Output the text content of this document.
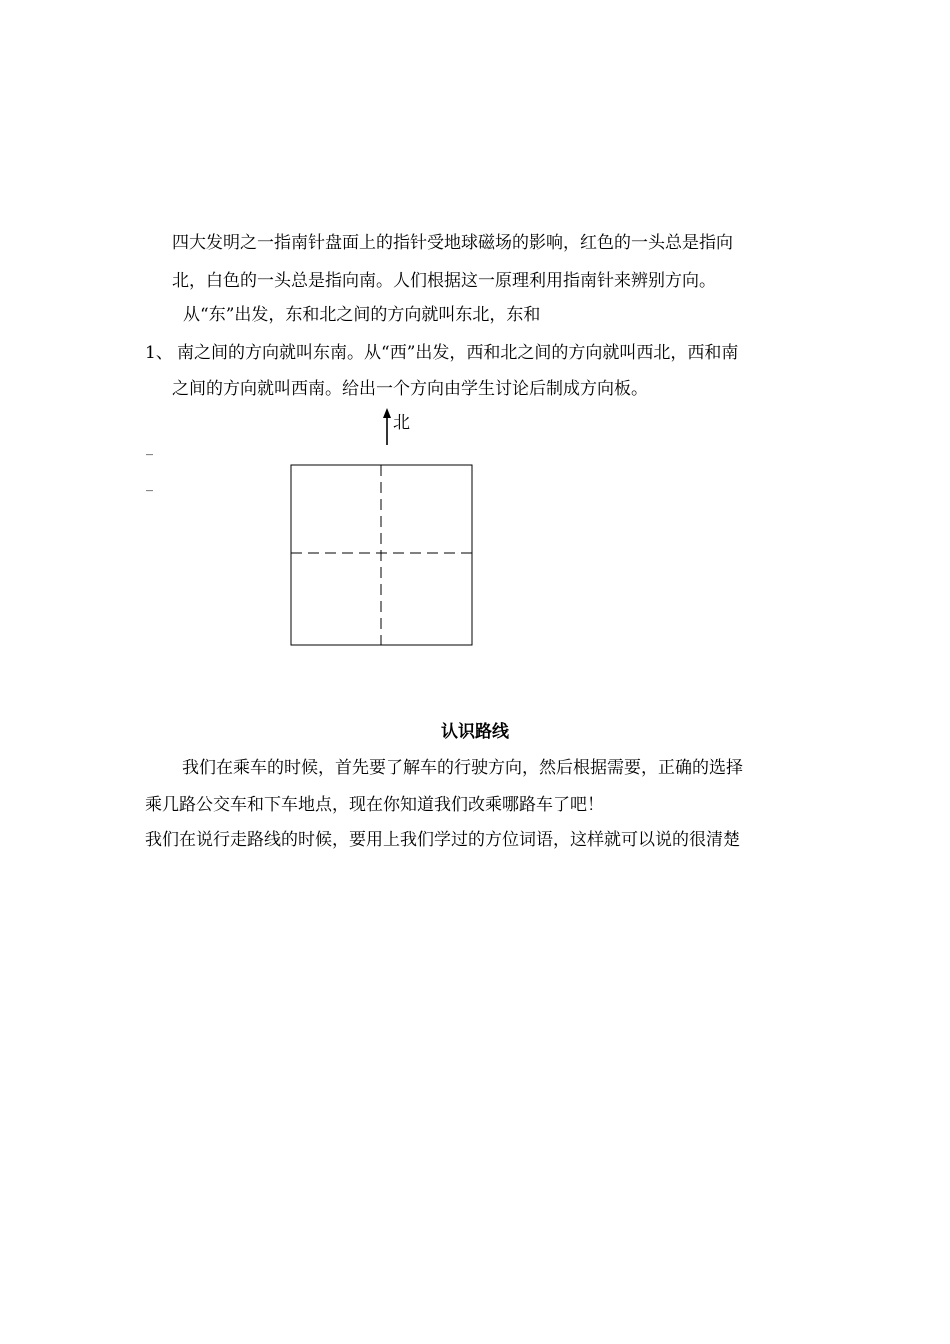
四大发明之一指南针盘面上的指针受地球磁场的影响，红色的一头总是指向
北，白色的一头总是指向南。人们根据这一原理利用指南针来辨别方向。
从“东”出发，东和北之间的方向就叫东北，东和
1、 南之间的方向就叫东南。从“西”出发，西和北之间的方向就叫西北，西和南
之间的方向就叫西南。给出一个方向由学生讨论后制成方向板。
_
_
北
认识路线
我们在乘车的时候，首先要了解车的行驶方向，然后根据需要，正确的选择
乘几路公交车和下车地点，现在你知道我们改乘哪路车了吧！
我们在说行走路线的时候，要用上我们学过的方位词语，这样就可以说的很清楚
